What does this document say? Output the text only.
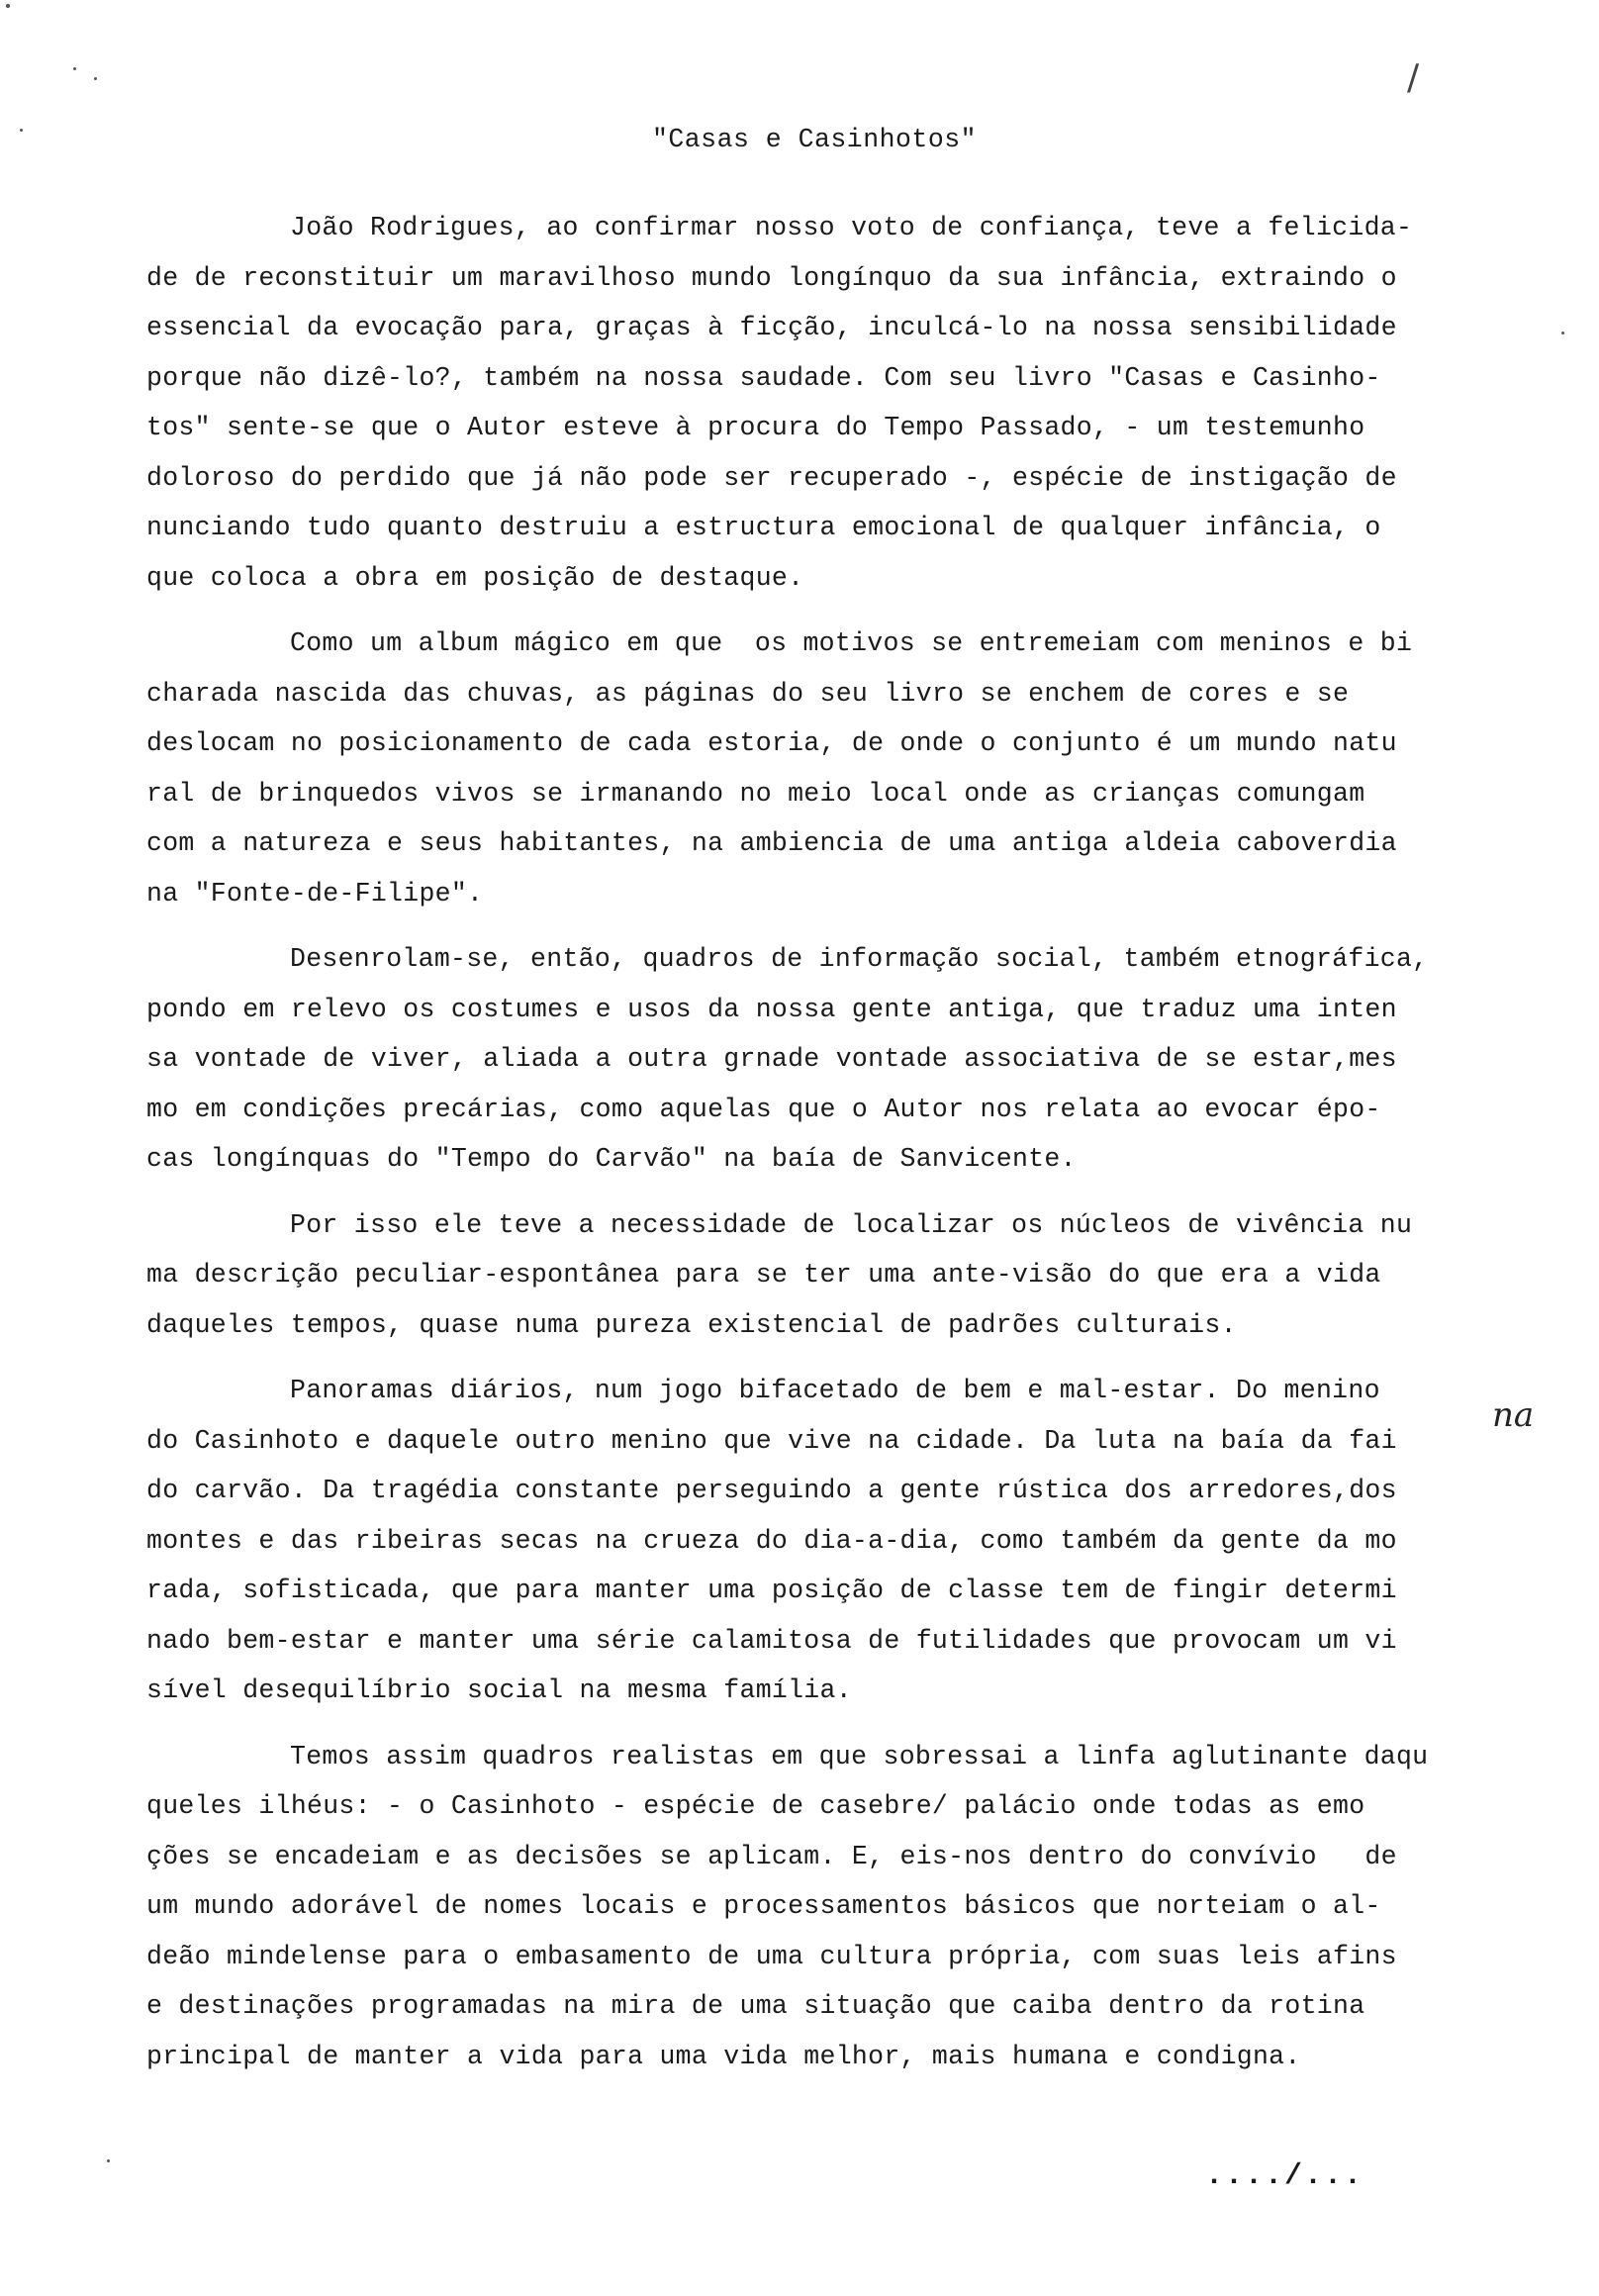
/
"Casas e Casinhotos"
João Rodrigues, ao confirmar nosso voto de confiança, teve a felicida-
de de reconstituir um maravilhoso mundo longínquo da sua infância, extraindo o
essencial da evocação para, graças à ficção, inculcá-lo na nossa sensibilidade
porque não dizê-lo?, também na nossa saudade. Com seu livro "Casas e Casinho-
tos" sente-se que o Autor esteve à procura do Tempo Passado, - um testemunho
doloroso do perdido que já não pode ser recuperado -, espécie de instigação de
nunciando tudo quanto destruiu a estructura emocional de qualquer infância, o
que coloca a obra em posição de destaque.
Como um album mágico em que  os motivos se entremeiam com meninos e bi
charada nascida das chuvas, as páginas do seu livro se enchem de cores e se
deslocam no posicionamento de cada estoria, de onde o conjunto é um mundo natu
ral de brinquedos vivos se irmanando no meio local onde as crianças comungam
com a natureza e seus habitantes, na ambiencia de uma antiga aldeia caboverdia
na "Fonte-de-Filipe".
Desenrolam-se, então, quadros de informação social, também etnográfica,
pondo em relevo os costumes e usos da nossa gente antiga, que traduz uma inten
sa vontade de viver, aliada a outra grnade vontade associativa de se estar,mes
mo em condições precárias, como aquelas que o Autor nos relata ao evocar épo-
cas longínquas do "Tempo do Carvão" na baía de Sanvicente.
Por isso ele teve a necessidade de localizar os núcleos de vivência nu
ma descrição peculiar-espontânea para se ter uma ante-visão do que era a vida
daqueles tempos, quase numa pureza existencial de padrões culturais.
Panoramas diários, num jogo bifacetado de bem e mal-estar. Do menino
do Casinhoto e daquele outro menino que vive na cidade. Da luta na baía da fai
do carvão. Da tragédia constante perseguindo a gente rústica dos arredores,dos
montes e das ribeiras secas na crueza do dia-a-dia, como também da gente da mo
rada, sofisticada, que para manter uma posição de classe tem de fingir determi
nado bem-estar e manter uma série calamitosa de futilidades que provocam um vi
sível desequilíbrio social na mesma família.
Temos assim quadros realistas em que sobressai a linfa aglutinante daqu
queles ilhéus: - o Casinhoto - espécie de casebre/ palácio onde todas as emo
ções se encadeiam e as decisões se aplicam. E, eis-nos dentro do convívio   de
um mundo adorável de nomes locais e processamentos básicos que norteiam o al-
deão mindelense para o embasamento de uma cultura própria, com suas leis afins
e destinações programadas na mira de uma situação que caiba dentro da rotina
principal de manter a vida para uma vida melhor, mais humana e condigna.
na
..../...
